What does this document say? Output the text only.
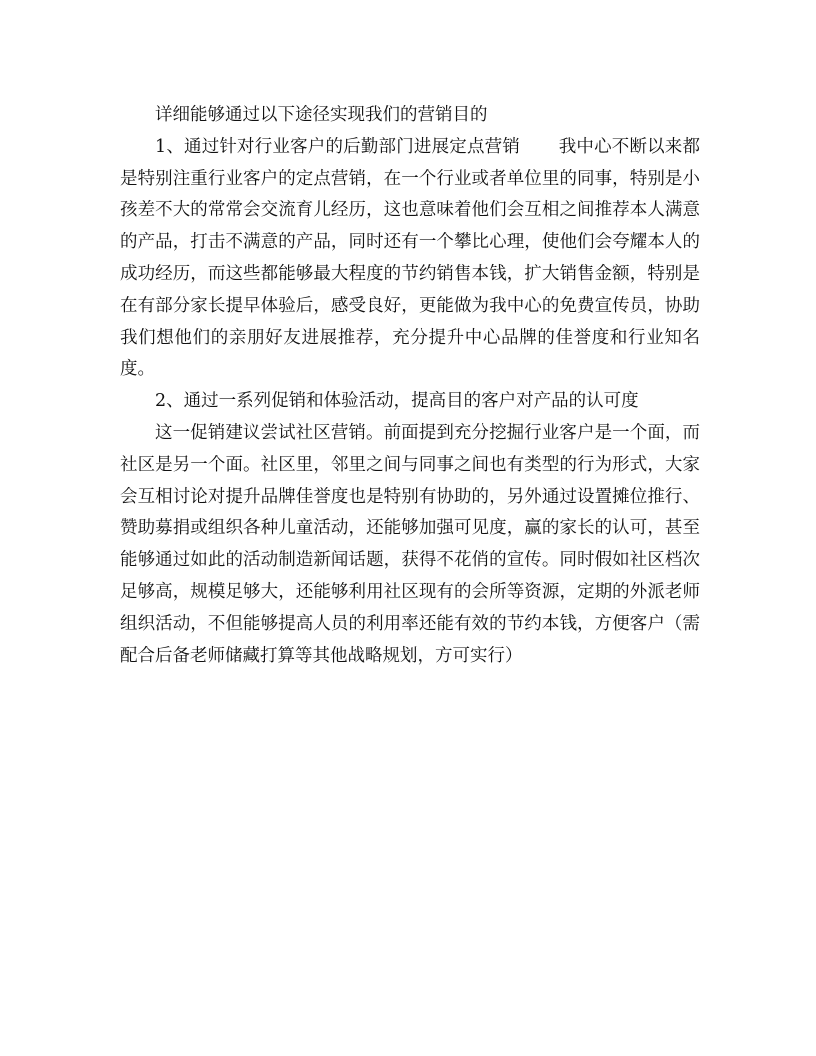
详细能够通过以下途径实现我们的营销目的

1、通过针对行业客户的后勤部门进展定点营销 我中心不断以来都是特别注重行业客户的定点营销，在一个行业或者单位里的同事，特别是小孩差不大的常常会交流育儿经历，这也意味着他们会互相之间推荐本人满意的产品，打击不满意的产品，同时还有一个攀比心理，使他们会夸耀本人的成功经历，而这些都能够最大程度的节约销售本钱，扩大销售金额，特别是在有部分家长提早体验后，感受良好，更能做为我中心的免费宣传员，协助我们想他们的亲朋好友进展推荐，充分提升中心品牌的佳誉度和行业知名度。

2、通过一系列促销和体验活动，提高目的客户对产品的认可度

这一促销建议尝试社区营销。前面提到充分挖掘行业客户是一个面，而社区是另一个面。社区里，邻里之间与同事之间也有类型的行为形式，大家会互相讨论对提升品牌佳誉度也是特别有协助的，另外通过设置摊位推行、赞助募捐或组织各种儿童活动，还能够加强可见度，赢的家长的认可，甚至能够通过如此的活动制造新闻话题，获得不花俏的宣传。同时假如社区档次足够高，规模足够大，还能够利用社区现有的会所等资源，定期的外派老师组织活动，不但能够提高人员的利用率还能有效的节约本钱，方便客户（需配合后备老师储藏打算等其他战略规划，方可实行）
